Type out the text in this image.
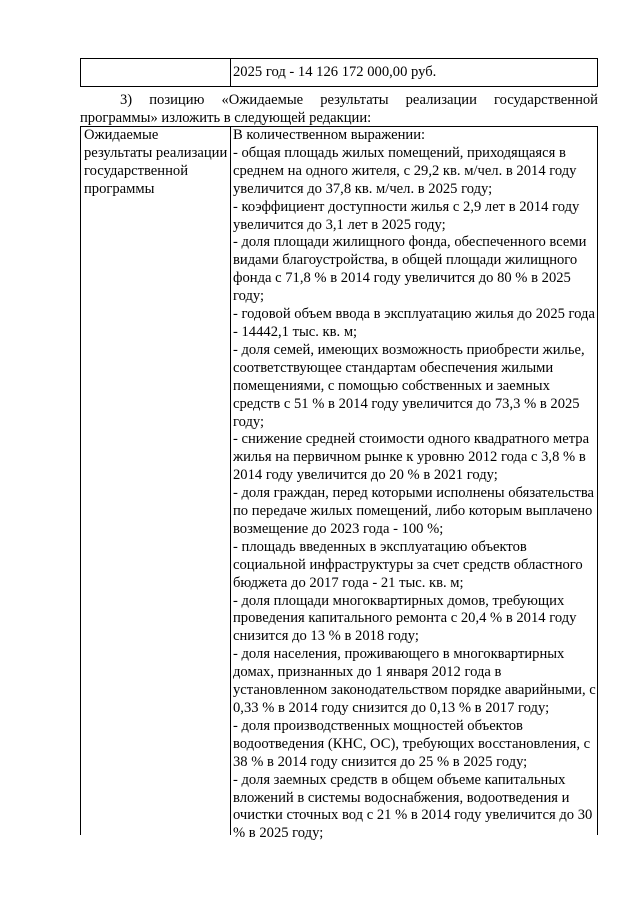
2025 год - 14 126 172 000,00 руб.
3) позицию «Ожидаемые результаты реализации государственной программы» изложить в следующей редакции:
Ожидаемые результаты реализации государственной программы

В количественном выражении:

- общая площадь жилых помещений, приходящаяся в среднем на одного жителя, с 29,2 кв. м/чел. в 2014 году увеличится до 37,8 кв. м/чел. в 2025 году;

- коэффициент доступности жилья с 2,9 лет в 2014 году увеличится до 3,1 лет в 2025 году;

- доля площади жилищного фонда, обеспеченного всеми видами благоустройства, в общей площади жилищного фонда с 71,8 % в 2014 году увеличится до 80 % в 2025 году;

- годовой объем ввода в эксплуатацию жилья до 2025 года - 14442,1 тыс. кв. м;

- доля семей, имеющих возможность приобрести жилье, соответствующее стандартам обеспечения жилыми помещениями, с помощью собственных и заемных средств с 51 % в 2014 году увеличится до 73,3 % в 2025 году;

- снижение средней стоимости одного квадратного метра жилья на первичном рынке к уровню 2012 года с 3,8 % в 2014 году увеличится до 20 % в 2021 году;

- доля граждан, перед которыми исполнены обязательства по передаче жилых помещений, либо которым выплачено возмещение до 2023 года - 100 %;

- площадь введенных в эксплуатацию объектов социальной инфраструктуры за счет средств областного бюджета до 2017 года - 21 тыс. кв. м;

- доля площади многоквартирных домов, требующих проведения капитального ремонта с 20,4 % в 2014 году снизится до 13 % в 2018 году;

- доля населения, проживающего в многоквартирных домах, признанных до 1 января 2012 года в установленном законодательством порядке аварийными, с 0,33 % в 2014 году снизится до 0,13 % в 2017 году;

- доля производственных мощностей объектов водоотведения (КНС, ОС), требующих восстановления, с 38 % в 2014 году снизится до 25 % в 2025 году;

- доля заемных средств в общем объеме капитальных вложений в системы водоснабжения, водоотведения и очистки сточных вод с 21 % в 2014 году увеличится до 30 % в 2025 году;
